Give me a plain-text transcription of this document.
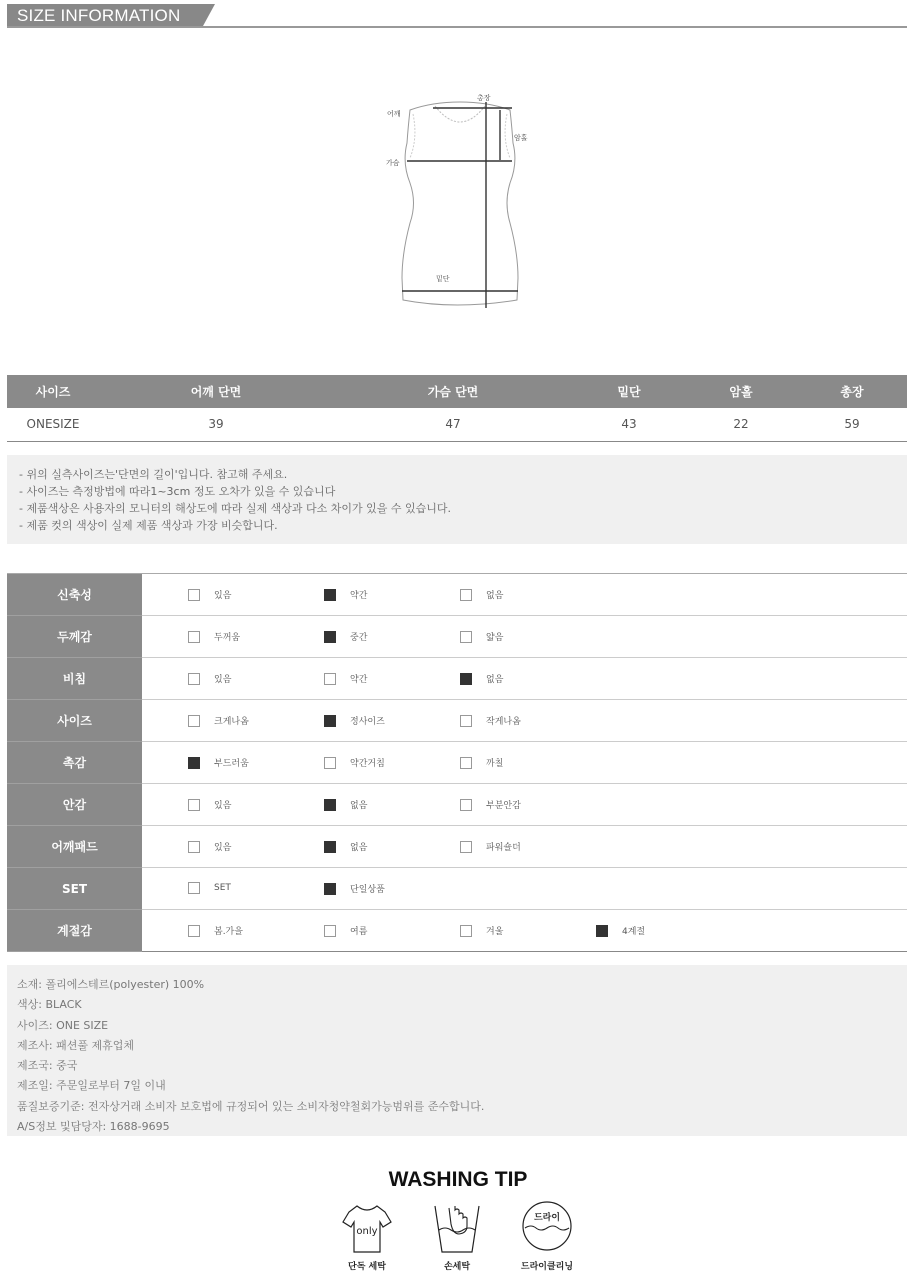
SIZE INFORMATION
어깨
총장
암홀
가슴
밑단
사이즈	어깨 단면	가슴 단면	밑단	암홀	총장
ONESIZE	39	47	43	22	59
- 위의 실측사이즈는'단면의 길이'입니다. 참고해 주세요.
- 사이즈는 측정방법에 따라1~3cm 정도 오차가 있을 수 있습니다
- 제품색상은 사용자의 모니터의 해상도에 따라 실제 색상과 다소 차이가 있을 수 있습니다.
- 제품 컷의 색상이 실제 제품 색상과 가장 비슷합니다.
신축성	있음 약간 없음

두께감	두꺼움 중간 얇음

비침	있음 약간 없음

사이즈	크게나옴 정사이즈 작게나옴

촉감	부드러움 약간거침 까칠

안감	있음 없음 부분안감

어깨패드	있음 없음 파워숄더

SET	SET 단일상품

계절감	봄.가을 여름 겨울 4계절
소재: 폴리에스테르(polyester) 100%
색상: BLACK
사이즈: ONE SIZE
제조사: 패션풀 제휴업체
제조국: 중국
제조일: 주문일로부터 7일 이내
품질보증기준: 전자상거래 소비자 보호법에 규정되어 있는 소비자청약철회가능범위를 준수합니다.
A/S정보 및담당자: 1688-9695
WASHING TIP
only
단독 세탁	손세탁
드라이
드라이클리닝
